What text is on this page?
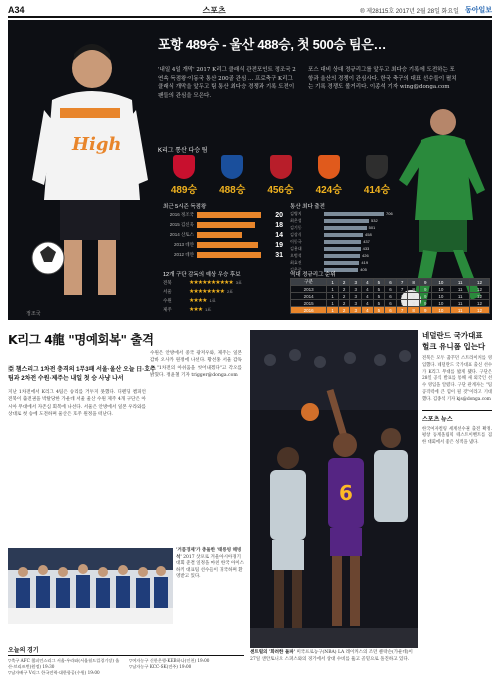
A34	스포츠	® 제28115호 2017년 2월 28일 화요일 동아일보
High
정조국
포항 489승 - 울산 488승, 첫 500승 팀은…
'내일 4일 개막' 2017 K리그 클래식 관전포인트 정조국 2연속 득점왕·이동국 통산 200골 관심 ... 프로축구 K리그 클래식 개막을 앞두고 팀 통산 최다승 경쟁과 기록 도전이 팬들의 관심을 모은다.
포스 대비 상대 정규리그를 앞두고 최다승 기록에 도전하는 포항과 울산의 경쟁이 관심사다. 한국 축구의 대표 선수들이 펼치는 기록 경쟁도 볼거리다. 이종석 기자 wing@donga.com
K리그 통산 다승 팀
489승 488승 456승 424승 414승
최근 5시즌 득점왕
2016 정조국	20
2015 김신욱	18
2014 산토스	14
2013 데얀	19
2012 데얀	31
통산 최다 출전
김병지	706
최은성	532
김기동	501
김상식	458
이동국	437
김용대	433
오범석	426
최효진	419
김은중	405
12개 구단 감독의 예상 우승 후보
전북	★★★★★★★★★★ 3표
서울	★★★★★★★★ 2표
수원	★★★★ 1표
제주	★★★ 1표
역대 정규리그 순위
구분	1	2	3	4	5	6	7	8	9	10	11	12
2013	1	2	3	4	5	6	7	8	9	10	11	12
2014	1	2	3	4	5	6	7	8	9	10	11	12
2015	1	2	3	4	5	6	7	8	9	10	11	12
2016	1	2	3	4	5	6	7	8	9	10	11	12
K리그 4龍 "명예회복" 출격
亞 챔스리그 1차전 충격의 1무3패 서울·울산 오늘 日·호주팀과 2차전 수원·제주는 내일 첫 승 사냥 나서
지난 1차전에서 K리그 4팀은 승리를 거두지 못했다. 디펜딩 챔피언 전북이 출전권을 박탈당한 가운데 서울 울산 수원 제주 4개 구단은 아시아 무대에서 자존심 회복에 나선다. 서울은 안방에서 일본 우라와를 상대로 첫 승에 도전하며 울산은 호주 원정을 떠난다.
수원은 안방에서 중국 광저우와, 제주는 일본 감바 오사카 원정에 나선다. 황선홍 서울 감독은 "1차전의 아쉬움을 씻어내겠다"고 각오를 밝혔다. 정윤철 기자 trigger@donga.com
'거품경제'가 충돌한 '태릉빙 해빙석' 2017 삿포로 겨울아시아경기대회 준결 일정을 마친 한국 아이스하키 대표팀 선수들이 귀국하며 환영받고 있다.
오늘의 경기

▽축구 AFC 챔피언스리그 서울-우라와(서울월드컵경기장) 울산-브리즈번(원정) 19:30

▽남자배구 V리그 한국전력-대한항공(수원) 19:00

▽여자농구 신한은행-KEB하나(인천) 19:00

▽남자농구 KCC-SK(전주) 19:00

6
센트럴의 '화려한 돌파' 미국프로농구(NBA) LA 레이커스의 조던 클락슨(가운데)이 27일 샌안토니오 스퍼스와의 경기에서 상대 수비를 뚫고 골밑으로 돌진하고 있다.
네덜란드 국가대표 헐크 유니폼 입는다
전북은 모두 꿈꾸던 스트라이커를 영입했다. 네덜란드 국가대표 출신 선수가 K리그 무대를 밟게 됐다. 구단은 28일 공식 발표를 통해 새 외국인 선수 영입을 알렸다. 구단 관계자는 "팀 공격력에 큰 힘이 될 것"이라고 기대했다. 김종석 기자 kjs@donga.com
스포츠 뉴스
한국여자컬링 세계선수권 출전 확정. 평창 동계올림픽 테스트이벤트를 겸한 대회에서 좋은 성적을 냈다.
